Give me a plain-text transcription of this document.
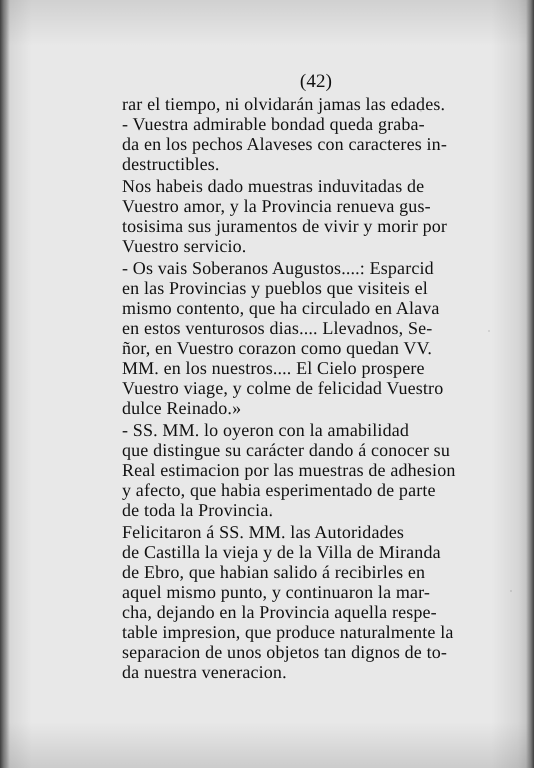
(42)
rar el tiempo, ni olvidarán jamas las edades.
- Vuestra admirable bondad queda graba-
da en los pechos Alaveses con caracteres in-
destructibles.
Nos habeis dado muestras induvitadas de
Vuestro amor, y la Provincia renueva gus-
tosisima sus juramentos de vivir y morir por
Vuestro servicio.
- Os vais Soberanos Augustos....: Esparcid
en las Provincias y pueblos que visiteis el
mismo contento, que ha circulado en Alava
en estos venturosos dias.... Llevadnos, Se-
ñor, en Vuestro corazon como quedan VV.
MM. en los nuestros.... El Cielo prospere
Vuestro viage, y colme de felicidad Vuestro
dulce Reinado.»
- SS. MM. lo oyeron con la amabilidad
que distingue su carácter dando á conocer su
Real estimacion por las muestras de adhesion
y afecto, que habia esperimentado de parte
de toda la Provincia.
Felicitaron á SS. MM. las Autoridades
de Castilla la vieja y de la Villa de Miranda
de Ebro, que habian salido á recibirles en
aquel mismo punto, y continuaron la mar-
cha, dejando en la Provincia aquella respe-
table impresion, que produce naturalmente la
separacion de unos objetos tan dignos de to-
da nuestra veneracion.
